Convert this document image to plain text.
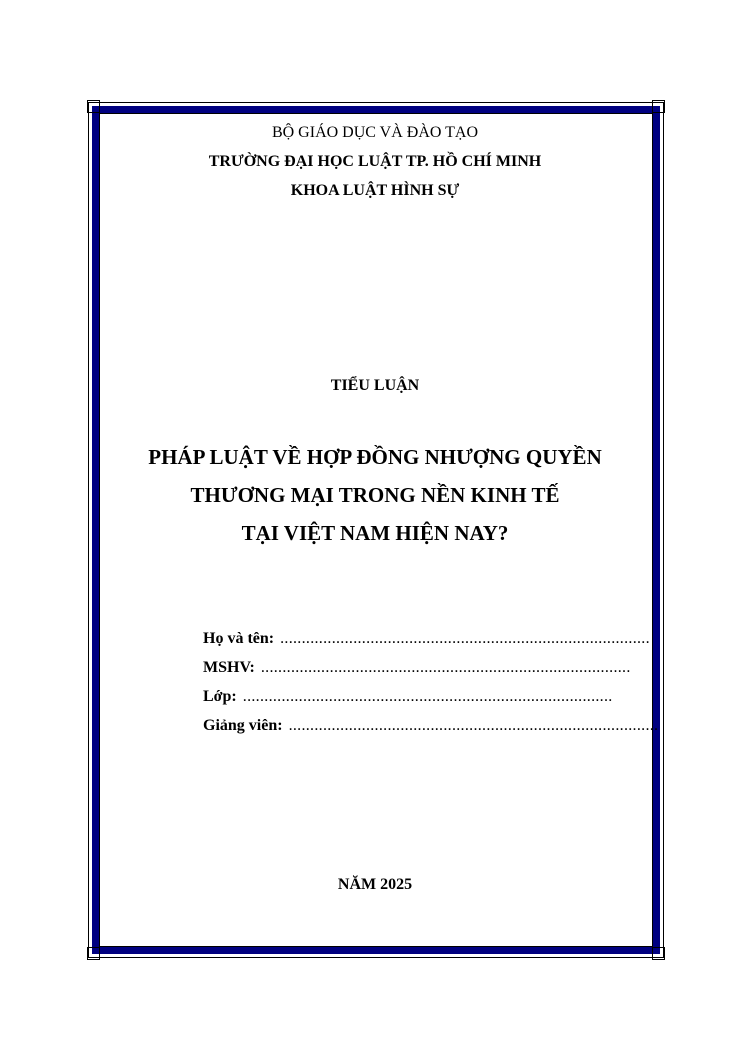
BỘ GIÁO DỤC VÀ ĐÀO TẠO
TRƯỜNG ĐẠI HỌC LUẬT TP. HỒ CHÍ MINH
KHOA LUẬT HÌNH SỰ
TIỂU LUẬN
PHÁP LUẬT VỀ HỢP ĐỒNG NHƯỢNG QUYỀN
THƯƠNG MẠI TRONG NỀN KINH TẾ
TẠI VIỆT NAM HIỆN NAY?
Họ và tên: ......................................................................................
MSHV: ......................................................................................
Lớp: ......................................................................................
Giảng viên: ......................................................................................
NĂM 2025
